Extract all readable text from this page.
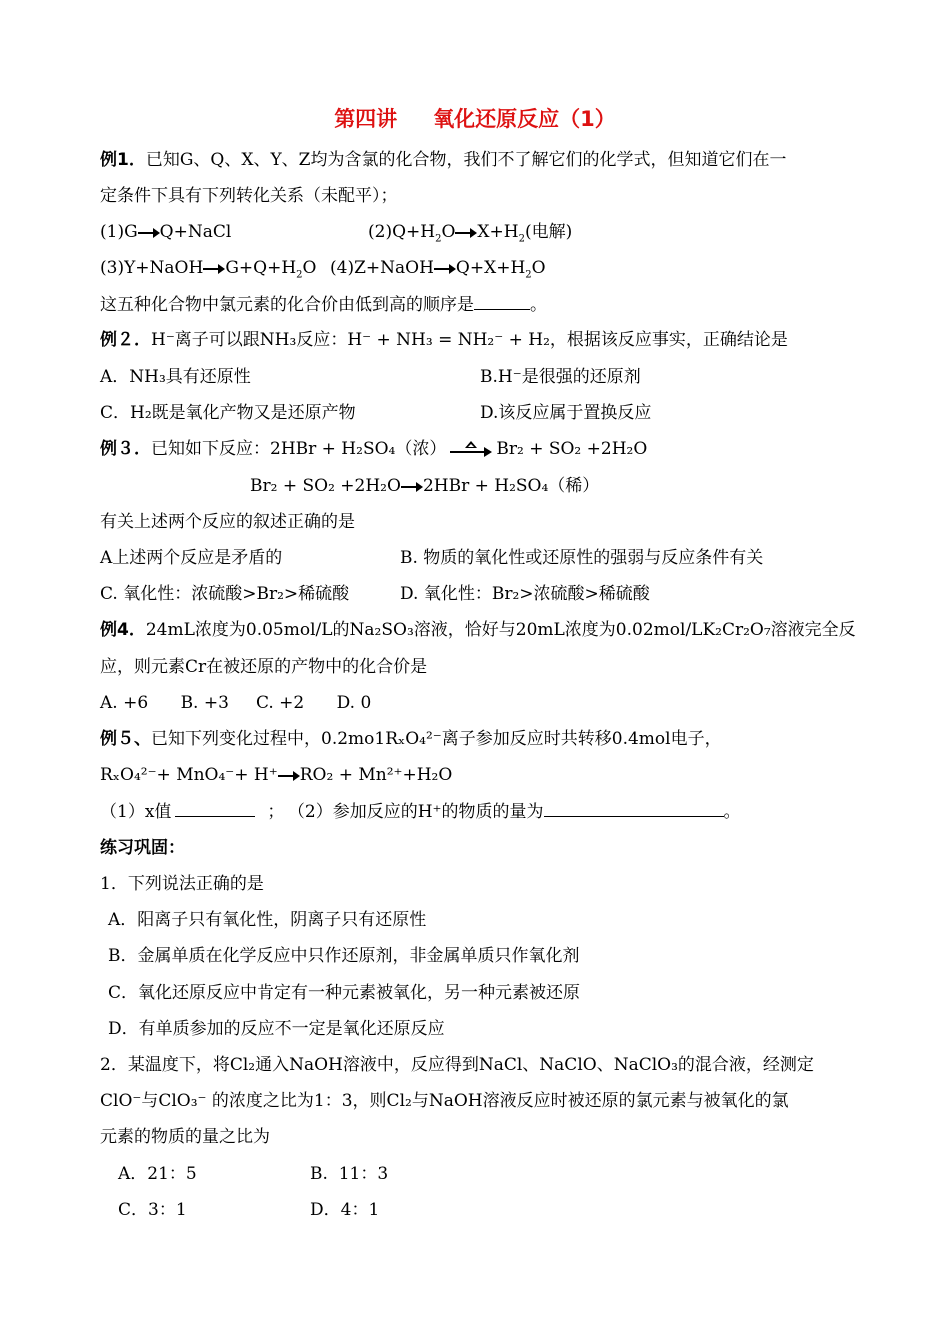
第四讲 氧化还原反应（1）
例1．已知G、Q、X、Y、Z均为含氯的化合物，我们不了解它们的化学式，但知道它们在一
定条件下具有下列转化关系（未配平）；
(1)G Q+NaCl	$(2)Q+H_2O$ $X+H_2$(电解)
(3)Y+NaOH $G+Q+H_2O$ (4)Z+NaOH $Q+X+H_2O$
这五种化合物中氯元素的化合价由低到高的顺序是	。
例２．H⁻离子可以跟NH₃反应：H⁻ + NH₃ = NH₂⁻ + H₂，根据该反应事实，正确结论是
A．NH₃具有还原性	B.H⁻是很强的还原剂
C．H₂既是氧化产物又是还原产物	D.该反应属于置换反应
例３．已知如下反应：2HBr + H₂SO₄（浓）	Br₂ + SO₂ +2H₂O
Br₂ + SO₂ +2H₂O 2HBr + H₂SO₄（稀）
有关上述两个反应的叙述正确的是
A上述两个反应是矛盾的	B. 物质的氧化性或还原性的强弱与反应条件有关
C. 氧化性：浓硫酸>Br₂>稀硫酸	D. 氧化性：Br₂>浓硫酸>稀硫酸
例4．24mL浓度为0.05mol/L的Na₂SO₃溶液，恰好与20mL浓度为0.02mol/LK₂Cr₂O₇溶液完全反
应，则元素Cr在被还原的产物中的化合价是
A. +6      B. +3     C. +2      D. 0
例５、已知下列变化过程中，0.2mo1RₓO₄²⁻离子参加反应时共转移0.4mol电子，
RₓO₄²⁻+ MnO₄⁻+ H⁺ RO₂ + Mn²⁺+H₂O
（1）x值	； （2）参加反应的H⁺的物质的量为	。
练习巩固：
1．下列说法正确的是
A．阳离子只有氧化性，阴离子只有还原性
B．金属单质在化学反应中只作还原剂，非金属单质只作氧化剂
C．氧化还原反应中肯定有一种元素被氧化，另一种元素被还原
D．有单质参加的反应不一定是氧化还原反应
2．某温度下，将Cl₂通入NaOH溶液中，反应得到NaCl、NaClO、NaClO₃的混合液，经测定
ClO⁻与ClO₃⁻ 的浓度之比为1：3，则Cl₂与NaOH溶液反应时被还原的氯元素与被氧化的氯
元素的物质的量之比为
A．21：5	B.  11：3
C．3：1	D．4：1
